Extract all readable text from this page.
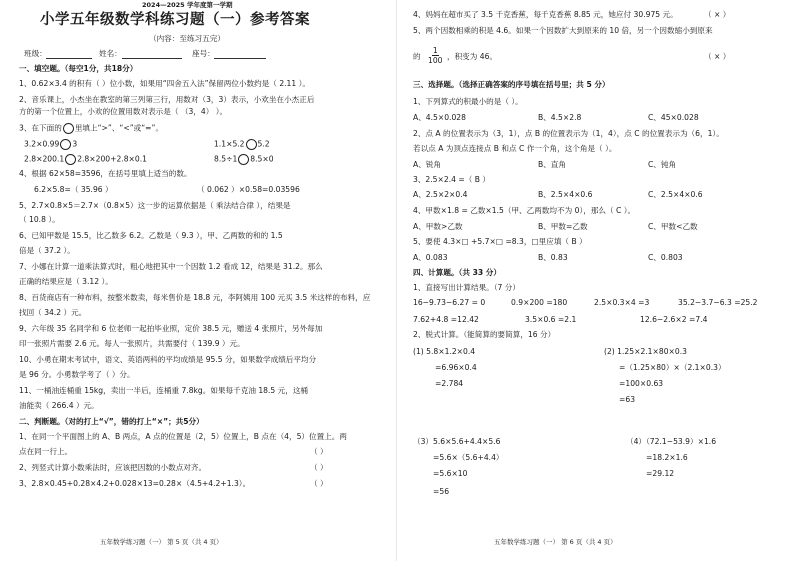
2024—2025 学年度第一学期
小学五年级数学科练习题（一）参考答案
（内容：至练习五完）
班级：	姓名：	座号：
一、填空题。（每空1分，共18分）
1、0.62×3.4 的积有（ ）位小数，如果用“四舍五入法”保留两位小数约是（ 2.11 ）。
2、音乐课上，小杰坐在教室的第三列第三行，用数对（3，3）表示，小欢坐在小杰正后
方的第一个位置上，小欢的位置用数对表示是（ （3，4） ）。
3、在下面的 里填上“>”、“<”或“=”。
3.2×0.99 3	1.1×5.2 5.2
2.8×200.1 2.8×200+2.8×0.1	8.5÷1 8.5×0
4、根据 62×58=3596，在括号里填上适当的数。
6.2×5.8=（ 35.96 ）	（ 0.062 ）×0.58=0.03596
5、2.7×0.8×5＝2.7×（0.8×5）这一步的运算依据是（ 乘法结合律 ），结果是
（ 10.8 ）。
6、已知甲数是 15.5，比乙数多 6.2。乙数是（ 9.3 ），甲、乙两数的和的 1.5
倍是（ 37.2 ）。
7、小娜在计算一道乘法算式时，粗心地把其中一个因数 1.2 看成 12，结果是 31.2。那么
正确的结果应是（ 3.12 ）。
8、百货商店有一种布料，按整米数卖，每米售价是 18.8 元，李阿姨用 100 元买 3.5 米这样的布料，应
找回（ 34.2 ）元。
9、六年级 35 名同学和 6 位老师一起拍毕业照，定价 38.5 元，赠送 4 张照片，另外每加
印一张照片需要 2.6 元。每人一张照片，共需要付（ 139.9 ）元。
10、小勇在期末考试中，语文、英语两科的平均成绩是 95.5 分，如果数学成绩后平均分
是 96 分。小勇数学考了（ ）分。
11、一桶油连桶重 15kg，卖出一半后，连桶重 7.8kg。如果每千克油 18.5 元，这桶
油能卖（ 266.4 ）元。
二、判断题。（对的打上“√”，错的打上“×”；共5分）
1、在同一个平面图上的 A、B 两点，A 点的位置是（2，5）位置上，B 点在（4，5）位置上。两
点在同一行上。	（ ）
2、列竖式计算小数乘法时，应该把因数的小数点对齐。	（ ）
3、2.8×0.45+0.28×4.2+0.028×13=0.28×（4.5+4.2+1.3）。	（ ）
五年数学练习题（一） 第 5 页（共 4 页）
4、妈妈在超市买了 3.5 千克香蕉，每千克香蕉 8.85 元，她应付 30.975 元。	（ × ）
5、两个因数相乘的积是 4.6。如果一个因数扩大到原来的 10 倍，另一个因数缩小到原来
的 $\frac{1}{100}$ ，积变为 46。	（ × ）
三、选择题。（选择正确答案的序号填在括号里；共 5 分）
1、下列算式的积最小的是（ ）。
A、4.5×0.028	B、4.5×2.8	C、45×0.028
2、点 A 的位置表示为（3，1），点 B 的位置表示为（1，4），点 C 的位置表示为（6，1）。
若以点 A 为顶点连接点 B 和点 C 作一个角，这个角是（ ）。
A、锐角	B、直角	C、钝角
3、2.5×2.4 =（ B ）
A、2.5×2×0.4	B、2.5×4×0.6	C、2.5×4×0.6
4、甲数×1.8 = 乙数×1.5（甲、乙两数均不为 0），那么（ C ）。
A、甲数>乙数	B、甲数=乙数	C、甲数<乙数
5、要使 4.3×□ +5.7×□ =8.3，□里应填（ B ）
A、0.083	B、0.83	C、0.803
四、计算题。（共 33 分）
1、直接写出计算结果。（7 分）
16−9.73−6.27 = 0	0.9×200 =180	2.5×0.3×4 =3	35.2−3.7−6.3 =25.2
7.62+4.8 =12.42	3.5×0.6 =2.1	12.6−2.6×2 =7.4
2、脱式计算。（能简算的要简算，16 分）
(1) 5.8×1.2×0.4
=6.96×0.4
=2.784
(2) 1.25×2.1×80×0.3
=（1.25×80）×（2.1×0.3）
=100×0.63
=63
（3）5.6×5.6+4.4×5.6
=5.6×（5.6+4.4）
=5.6×10
=56
（4）（72.1−53.9）×1.6
=18.2×1.6
=29.12
五年数学练习题（一） 第 6 页（共 4 页）
